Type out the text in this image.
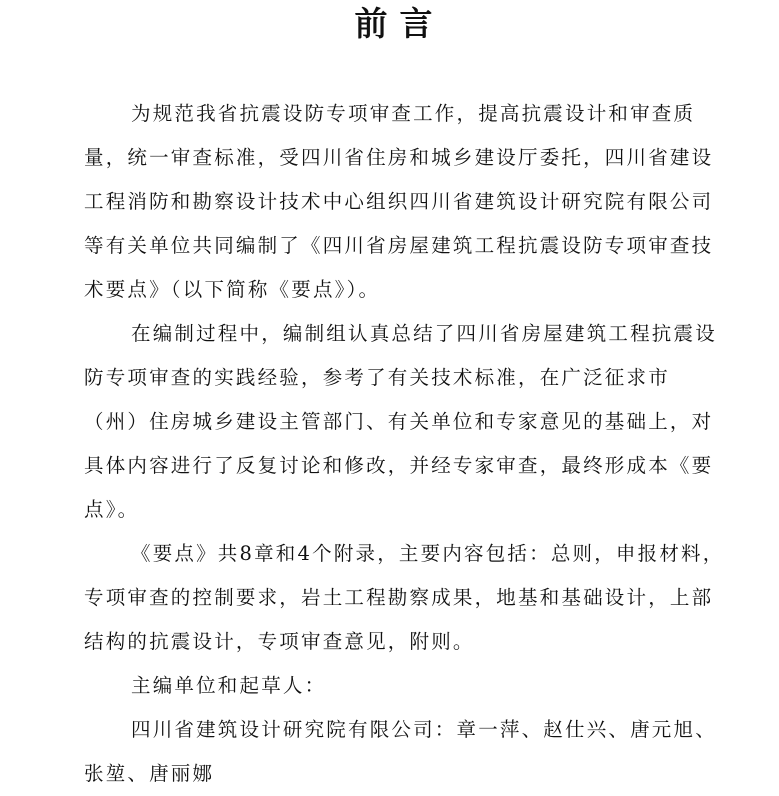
前言
为规范我省抗震设防专项审查工作，提高抗震设计和审查质
量，统一审查标准，受四川省住房和城乡建设厅委托，四川省建设
工程消防和勘察设计技术中心组织四川省建筑设计研究院有限公司
等有关单位共同编制了《四川省房屋建筑工程抗震设防专项审查技
术要点》（以下简称《要点》）。
在编制过程中，编制组认真总结了四川省房屋建筑工程抗震设
防专项审查的实践经验，参考了有关技术标准，在广泛征求市
（州）住房城乡建设主管部门、有关单位和专家意见的基础上，对
具体内容进行了反复讨论和修改，并经专家审查，最终形成本《要
点》。
《要点》共8章和4个附录，主要内容包括：总则，申报材料，
专项审查的控制要求，岩土工程勘察成果，地基和基础设计，上部
结构的抗震设计，专项审查意见，附则。
主编单位和起草人：
四川省建筑设计研究院有限公司：章一萍、赵仕兴、唐元旭、
张堃、唐丽娜
